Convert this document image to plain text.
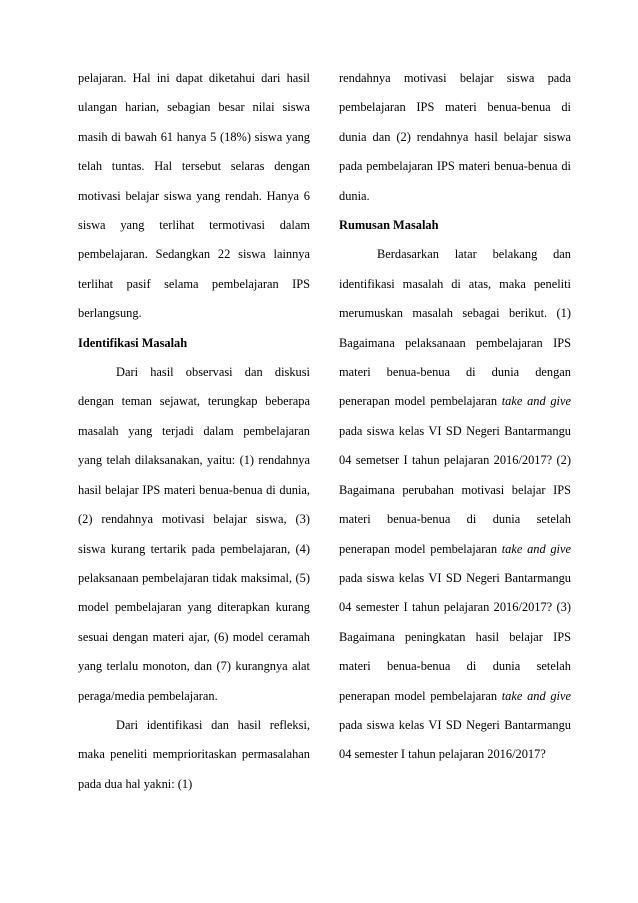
pelajaran. Hal ini dapat diketahui dari hasil ulangan harian, sebagian besar nilai siswa masih di bawah 61 hanya 5 (18%) siswa yang telah tuntas. Hal tersebut selaras dengan motivasi belajar siswa yang rendah. Hanya 6 siswa yang terlihat termotivasi dalam pembelajaran. Sedangkan 22 siswa lainnya terlihat pasif selama pembelajaran IPS berlangsung.

Identifikasi Masalah

Dari hasil observasi dan diskusi dengan teman sejawat, terungkap beberapa masalah yang terjadi dalam pembelajaran yang telah dilaksanakan, yaitu: (1) rendahnya hasil belajar IPS materi benua-benua di dunia, (2) rendahnya motivasi belajar siswa, (3) siswa kurang tertarik pada pembelajaran, (4) pelaksanaan pembelajaran tidak maksimal, (5) model pembelajaran yang diterapkan kurang sesuai dengan materi ajar, (6) model ceramah yang terlalu monoton, dan (7) kurangnya alat peraga/media pembelajaran.

Dari identifikasi dan hasil refleksi, maka peneliti memprioritaskan permasalahan pada dua hal yakni: (1)

rendahnya motivasi belajar siswa pada pembelajaran IPS materi benua-benua di dunia dan (2) rendahnya hasil belajar siswa pada pembelajaran IPS materi benua-benua di dunia.

Rumusan Masalah

Berdasarkan latar belakang dan identifikasi masalah di atas, maka peneliti merumuskan masalah sebagai berikut. (1) Bagaimana pelaksanaan pembelajaran IPS materi benua-benua di dunia dengan penerapan model pembelajaran take and give pada siswa kelas VI SD Negeri Bantarmangu 04 semetser I tahun pelajaran 2016/2017? (2) Bagaimana perubahan motivasi belajar IPS materi benua-benua di dunia setelah penerapan model pembelajaran take and give pada siswa kelas VI SD Negeri Bantarmangu 04 semester I tahun pelajaran 2016/2017? (3) Bagaimana peningkatan hasil belajar IPS materi benua-benua di dunia setelah penerapan model pembelajaran take and give pada siswa kelas VI SD Negeri Bantarmangu 04 semester I tahun pelajaran 2016/2017?
